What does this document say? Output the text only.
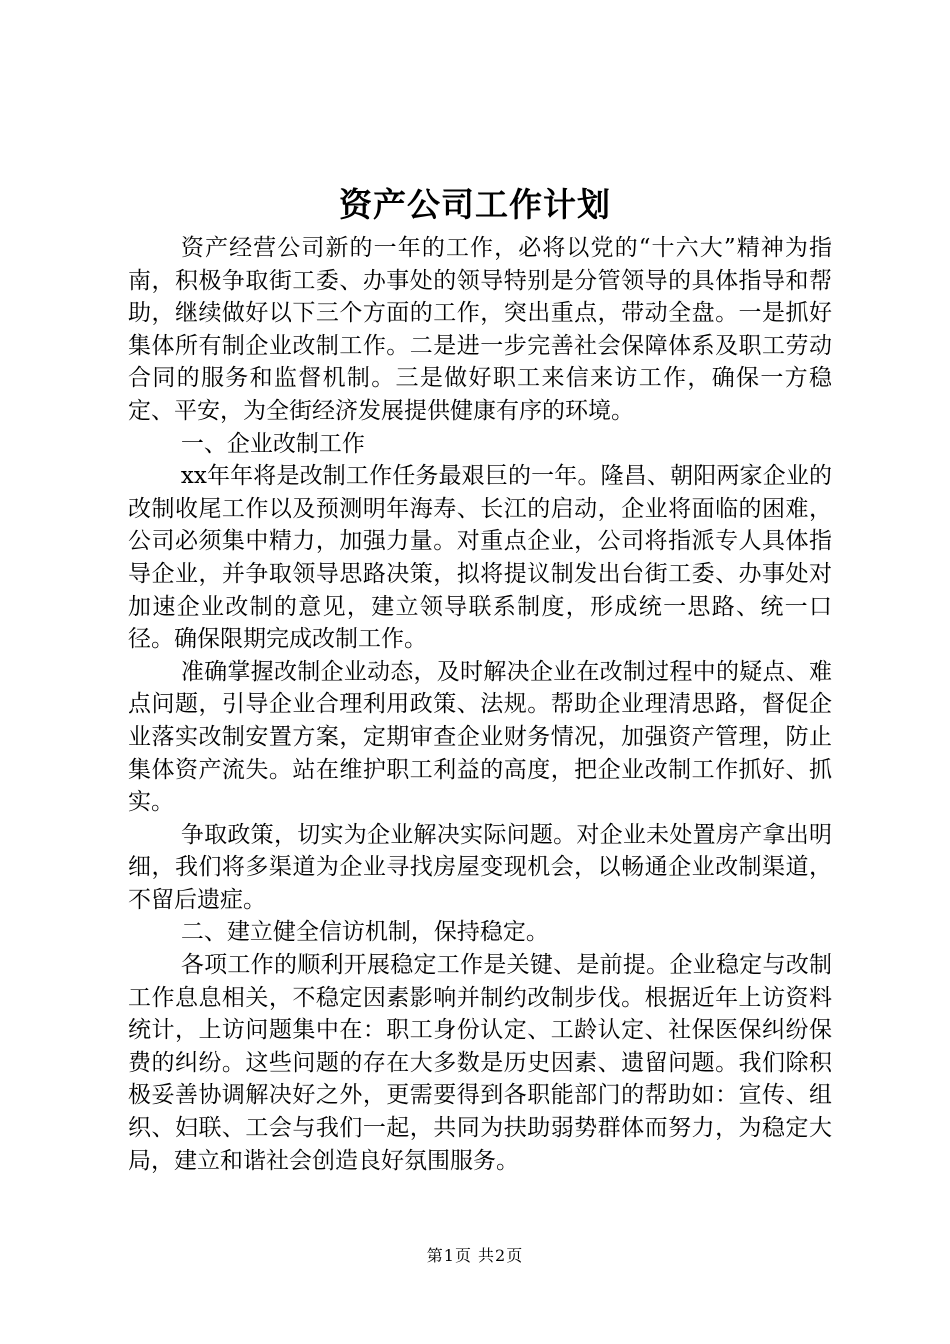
资产公司工作计划

资产经营公司新的一年的工作，必将以党的“十六大”精神为指南，积极争取街工委、办事处的领导特别是分管领导的具体指导和帮助，继续做好以下三个方面的工作，突出重点，带动全盘。一是抓好集体所有制企业改制工作。二是进一步完善社会保障体系及职工劳动合同的服务和监督机制。三是做好职工来信来访工作，确保一方稳定、平安，为全街经济发展提供健康有序的环境。

一、企业改制工作

xx年年将是改制工作任务最艰巨的一年。隆昌、朝阳两家企业的改制收尾工作以及预测明年海寿、长江的启动，企业将面临的困难，公司必须集中精力，加强力量。对重点企业，公司将指派专人具体指导企业，并争取领导思路决策，拟将提议制发出台街工委、办事处对加速企业改制的意见，建立领导联系制度，形成统一思路、统一口径。确保限期完成改制工作。

准确掌握改制企业动态，及时解决企业在改制过程中的疑点、难点问题，引导企业合理利用政策、法规。帮助企业理清思路，督促企业落实改制安置方案，定期审查企业财务情况，加强资产管理，防止集体资产流失。站在维护职工利益的高度，把企业改制工作抓好、抓实。

争取政策，切实为企业解决实际问题。对企业未处置房产拿出明细，我们将多渠道为企业寻找房屋变现机会，以畅通企业改制渠道，不留后遗症。

二、建立健全信访机制，保持稳定。

各项工作的顺利开展稳定工作是关键、是前提。企业稳定与改制工作息息相关，不稳定因素影响并制约改制步伐。根据近年上访资料统计，上访问题集中在：职工身份认定、工龄认定、社保医保纠纷保费的纠纷。这些问题的存在大多数是历史因素、遗留问题。我们除积极妥善协调解决好之外，更需要得到各职能部门的帮助如：宣传、组织、妇联、工会与我们一起，共同为扶助弱势群体而努力，为稳定大局，建立和谐社会创造良好氛围服务。

第1页 共2页
